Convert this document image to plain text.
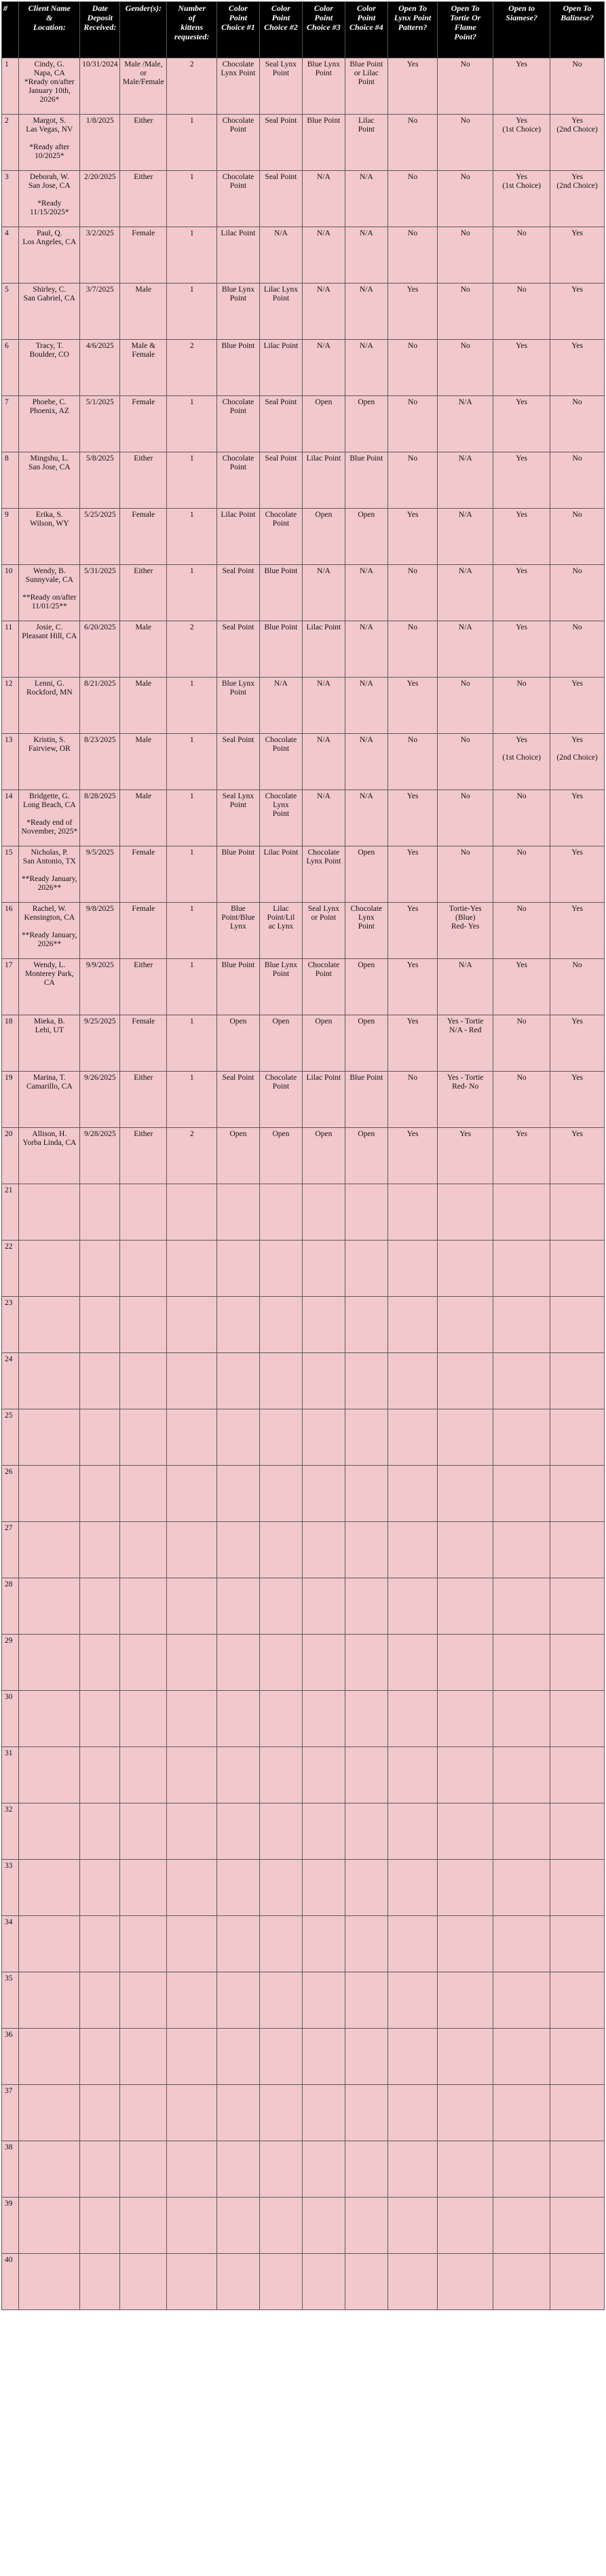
#	Client Name
&
Location:	Date
Deposit
Received:	Gender(s):	Number
of
kittens
requested:	Color
Point
Choice #1	Color
Point
Choice #2	Color
Point
Choice #3	Color
Point
Choice #4	Open To
Lynx Point
Pattern?	Open To
Tortie Or
Flame
Point?	Open to
Siamese?	Open To
Balinese?

1	Cindy, G.
Napa, CA
*Ready on/after
January 10th,
2026*	10/31/2024	Male /Male,
or
Male/Female	2	Chocolate
Lynx Point	Seal Lynx
Point	Blue Lynx
Point	Blue Point
or Lilac
Point	Yes	No	Yes	No

2	Margot, S.
Las Vegas, NV
*Ready after
10/2025*	1/8/2025	Either	1	Chocolate
Point	Seal Point	Blue Point	Lilac
Point	No	No	Yes
(1st Choice)	Yes
(2nd Choice)

3	Deborah, W.
San Jose, CA
*Ready
11/15/2025*	2/20/2025	Either	1	Chocolate
Point	Seal Point	N/A	N/A	No	No	Yes
(1st Choice)	Yes
(2nd Choice)

4	Paul, Q.
Los Angeles, CA	3/2/2025	Female	1	Lilac Point	N/A	N/A	N/A	No	No	No	Yes

5	Shirley, C.
San Gabriel, CA	3/7/2025	Male	1	Blue Lynx
Point	Lilac Lynx
Point	N/A	N/A	Yes	No	No	Yes

6	Tracy, T.
Boulder, CO	4/6/2025	Male &
Female	2	Blue Point	Lilac Point	N/A	N/A	No	No	Yes	Yes

7	Phoebe, C.
Phoenix, AZ	5/1/2025	Female	1	Chocolate
Point	Seal Point	Open	Open	No	N/A	Yes	No

8	Mingshu, L.
San Jose, CA	5/8/2025	Either	1	Chocolate
Point	Seal Point	Lilac Point	Blue Point	No	N/A	Yes	No

9	Erika, S.
Wilson, WY	5/25/2025	Female	1	Lilac Point	Chocolate
Point	Open	Open	Yes	N/A	Yes	No

10	Wendy, B.
Sunnyvale, CA
**Ready on/after
11/01/25**	5/31/2025	Either	1	Seal Point	Blue Point	N/A	N/A	No	N/A	Yes	No

11	Josie, C.
Pleasant Hill, CA	6/20/2025	Male	2	Seal Point	Blue Point	Lilac Point	N/A	No	N/A	Yes	No

12	Lenni, G.
Rockford, MN	8/21/2025	Male	1	Blue Lynx
Point	N/A	N/A	N/A	Yes	No	No	Yes

13	Kristin, S.
Fairview, OR	8/23/2025	Male	1	Seal Point	Chocolate
Point	N/A	N/A	No	No	Yes
(1st Choice)	Yes
(2nd Choice)

14	Bridgette, G.
Long Beach, CA
*Ready end of
November, 2025*	8/28/2025	Male	1	Seal Lynx
Point	Chocolate
Lynx
Point	N/A	N/A	Yes	No	No	Yes

15	Nicholas, P.
San Antonio, TX
**Ready January,
2026**	9/5/2025	Female	1	Blue Point	Lilac Point	Chocolate
Lynx Point	Open	Yes	No	No	Yes

16	Rachel, W.
Kensington, CA
**Ready January,
2026**	9/8/2025	Female	1	Blue
Point/Blue
Lynx	Lilac
Point/Lil
ac Lynx	Seal Lynx
or Point	Chocolate
Lynx
Point	Yes	Tortie-Yes
(Blue)
Red- Yes	No	Yes

17	Wendy, L.
Monterey Park,
CA	9/9/2025	Either	1	Blue Point	Blue Lynx
Point	Chocolate
Point	Open	Yes	N/A	Yes	No

18	Mieka, B.
Lehi, UT	9/25/2025	Female	1	Open	Open	Open	Open	Yes	Yes - Tortie
N/A - Red	No	Yes

19	Marina, T.
Camarillo, CA	9/26/2025	Either	1	Seal Point	Chocolate
Point	Lilac Point	Blue Point	No	Yes - Tortie
Red- No	No	Yes

20	Allison, H.
Yorba Linda, CA	9/28/2025	Either	2	Open	Open	Open	Open	Yes	Yes	Yes	Yes

21												

22												

23												

24												

25												

26												

27												

28												

29												

30												

31												

32												

33												

34												

35												

36												

37												

38												

39												

40												
